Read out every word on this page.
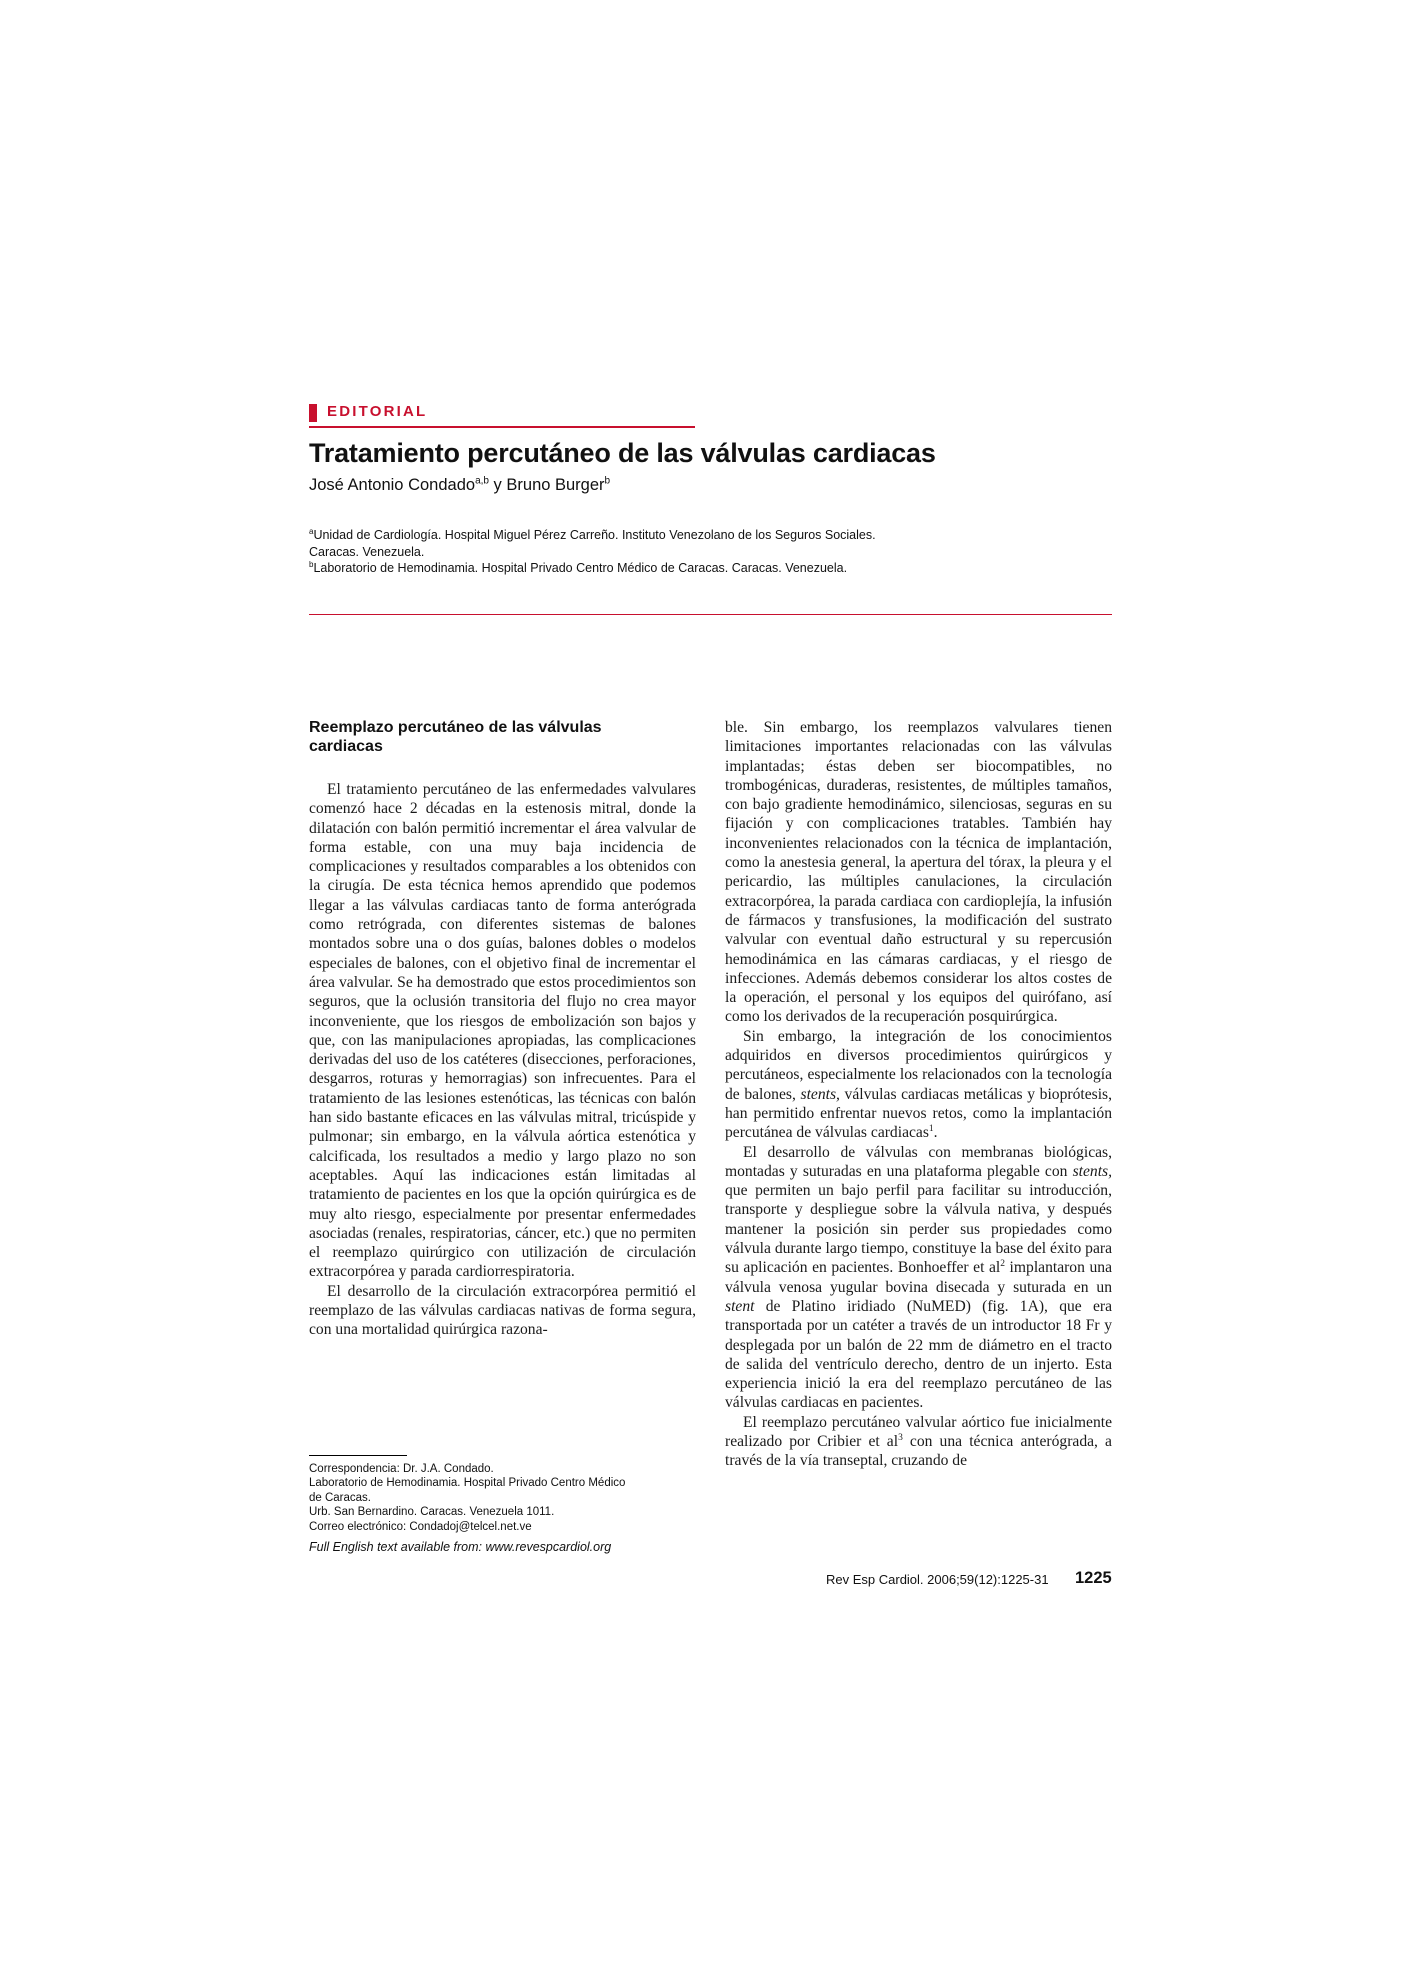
EDITORIAL
Tratamiento percutáneo de las válvulas cardiacas
José Antonio Condado$^{a,b}$ y Bruno Burger$^b$

$^a$Unidad de Cardiología. Hospital Miguel Pérez Carreño. Instituto Venezolano de los Seguros Sociales.

Caracas. Venezuela.

$^b$Laboratorio de Hemodinamia. Hospital Privado Centro Médico de Caracas. Caracas. Venezuela.

Reemplazo percutáneo de las válvulas
cardiacas

El tratamiento percutáneo de las enfermedades valvulares comenzó hace 2 décadas en la estenosis mitral, donde la dilatación con balón permitió incrementar el área valvular de forma estable, con una muy baja incidencia de complicaciones y resultados comparables a los obtenidos con la cirugía. De esta técnica hemos aprendido que podemos llegar a las válvulas cardiacas tanto de forma anterógrada como retrógrada, con diferentes sistemas de balones montados sobre una o dos guías, balones dobles o modelos especiales de balones, con el objetivo final de incrementar el área valvular. Se ha demostrado que estos procedimientos son seguros, que la oclusión transitoria del flujo no crea mayor inconveniente, que los riesgos de embolización son bajos y que, con las manipulaciones apropiadas, las complicaciones derivadas del uso de los catéteres (disecciones, perforaciones, desgarros, roturas y hemorragias) son infrecuentes. Para el tratamiento de las lesiones estenóticas, las técnicas con balón han sido bastante eficaces en las válvulas mitral, tricúspide y pulmonar; sin embargo, en la válvula aórtica estenótica y calcificada, los resultados a medio y largo plazo no son aceptables. Aquí las indicaciones están limitadas al tratamiento de pacientes en los que la opción quirúrgica es de muy alto riesgo, especialmente por presentar enfermedades asociadas (renales, respiratorias, cáncer, etc.) que no permiten el reemplazo quirúrgico con utilización de circulación extracorpórea y parada cardiorrespiratoria.

El desarrollo de la circulación extracorpórea permitió el reemplazo de las válvulas cardiacas nativas de forma segura, con una mortalidad quirúrgica razona-

ble. Sin embargo, los reemplazos valvulares tienen limitaciones importantes relacionadas con las válvulas implantadas; éstas deben ser biocompatibles, no trombogénicas, duraderas, resistentes, de múltiples tamaños, con bajo gradiente hemodinámico, silenciosas, seguras en su fijación y con complicaciones tratables. También hay inconvenientes relacionados con la técnica de implantación, como la anestesia general, la apertura del tórax, la pleura y el pericardio, las múltiples canulaciones, la circulación extracorpórea, la parada cardiaca con cardioplejía, la infusión de fármacos y transfusiones, la modificación del sustrato valvular con eventual daño estructural y su repercusión hemodinámica en las cámaras cardiacas, y el riesgo de infecciones. Además debemos considerar los altos costes de la operación, el personal y los equipos del quirófano, así como los derivados de la recuperación posquirúrgica.

Sin embargo, la integración de los conocimientos adquiridos en diversos procedimientos quirúrgicos y percutáneos, especialmente los relacionados con la tecnología de balones, stents, válvulas cardiacas metálicas y bioprótesis, han permitido enfrentar nuevos retos, como la implantación percutánea de válvulas cardiacas$^1$.

El desarrollo de válvulas con membranas biológicas, montadas y suturadas en una plataforma plegable con stents, que permiten un bajo perfil para facilitar su introducción, transporte y despliegue sobre la válvula nativa, y después mantener la posición sin perder sus propiedades como válvula durante largo tiempo, constituye la base del éxito para su aplicación en pacientes. Bonhoeffer et $al^2$ implantaron una válvula venosa yugular bovina disecada y suturada en un stent de Platino iridiado (NuMED) (fig. 1A), que era transportada por un catéter a través de un introductor 18 Fr y desplegada por un balón de 22 mm de diámetro en el tracto de salida del ventrículo derecho, dentro de un injerto. Esta experiencia inició la era del reemplazo percutáneo de las válvulas cardiacas en pacientes.

El reemplazo percutáneo valvular aórtico fue inicialmente realizado por Cribier et $al^3$ con una técnica anterógrada, a través de la vía transeptal, cruzando de

Correspondencia: Dr. J.A. Condado.

Laboratorio de Hemodinamia. Hospital Privado Centro Médico

de Caracas.

Urb. San Bernardino. Caracas. Venezuela 1011.

Correo electrónico: Condadoj@telcel.net.ve

Full English text available from: www.revespcardiol.org
Rev Esp Cardiol. 2006;59(12):1225-31 1225
